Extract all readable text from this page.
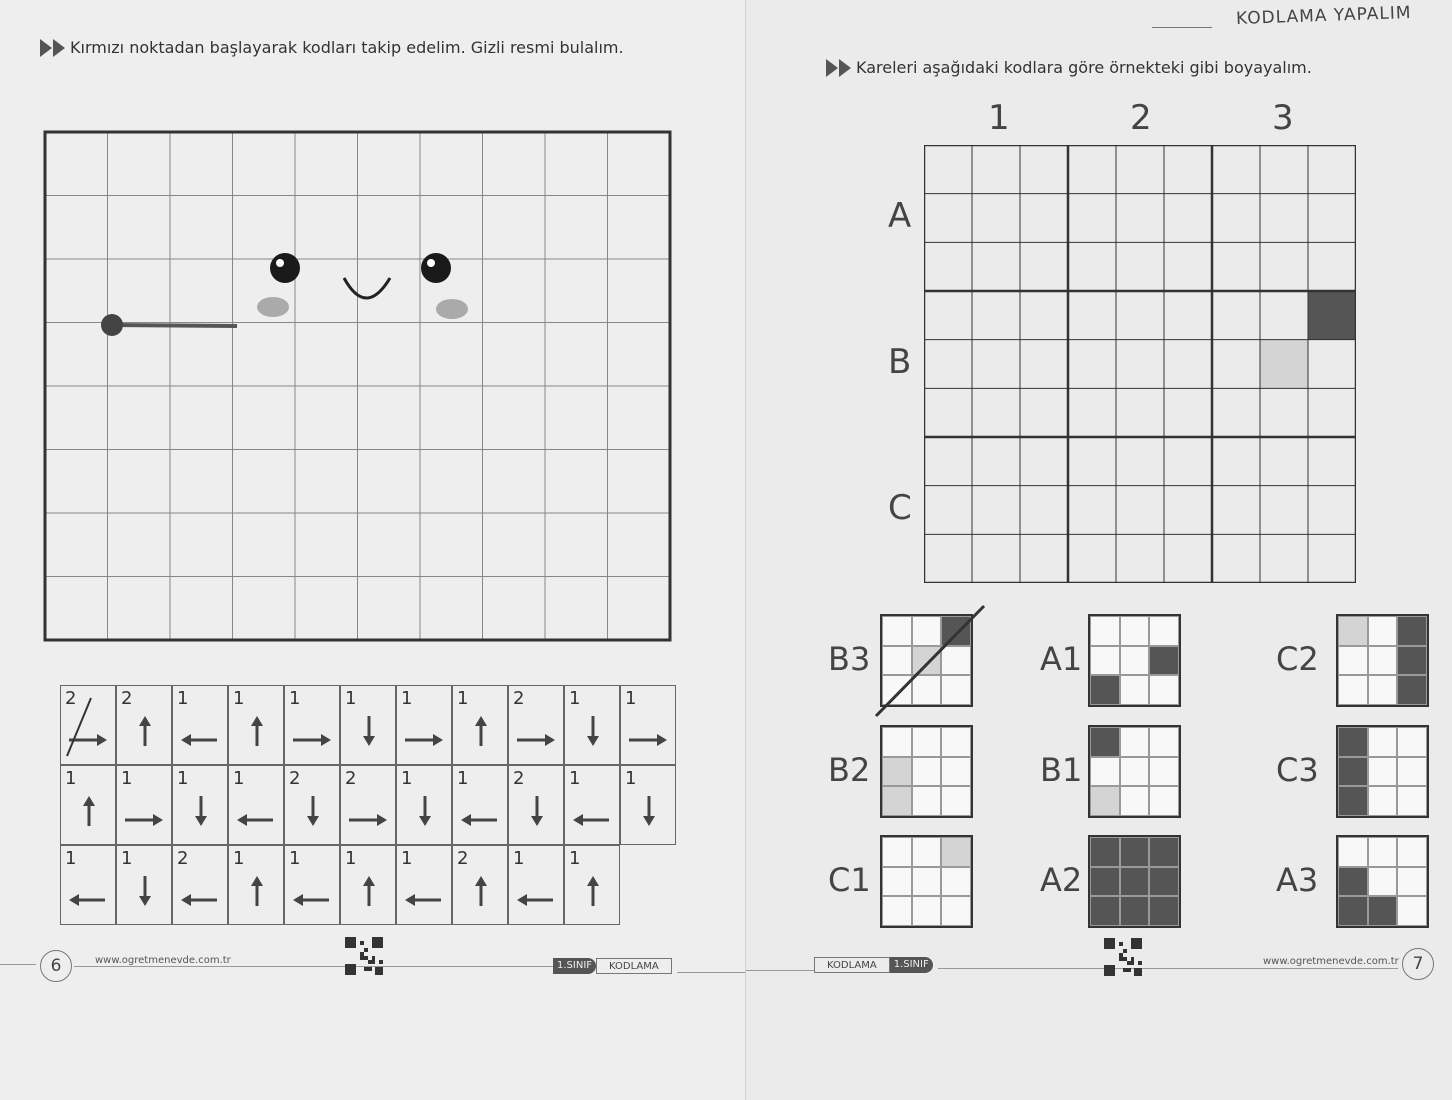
Kırmızı noktadan başlayarak kodları takip edelim. Gizli resmi bulalım.
2 2 1 1 1 1 1 1 2 1 1
1 1 1 1 2 2 1 1 2 1 1
1 1 2 1 1 1 1 2 1 1
6	www.ogretmenevde.com.tr	1.SINIF	KODLAMA
KODLAMA YAPALIM
Kareleri aşağıdaki kodlara göre örnekteki gibi boyayalım.
1	2	3
A
B
C
B3	A1	C2
B2	B1	C3
C1	A2	A3
KODLAMA	1.SINIF	www.ogretmenevde.com.tr 7
